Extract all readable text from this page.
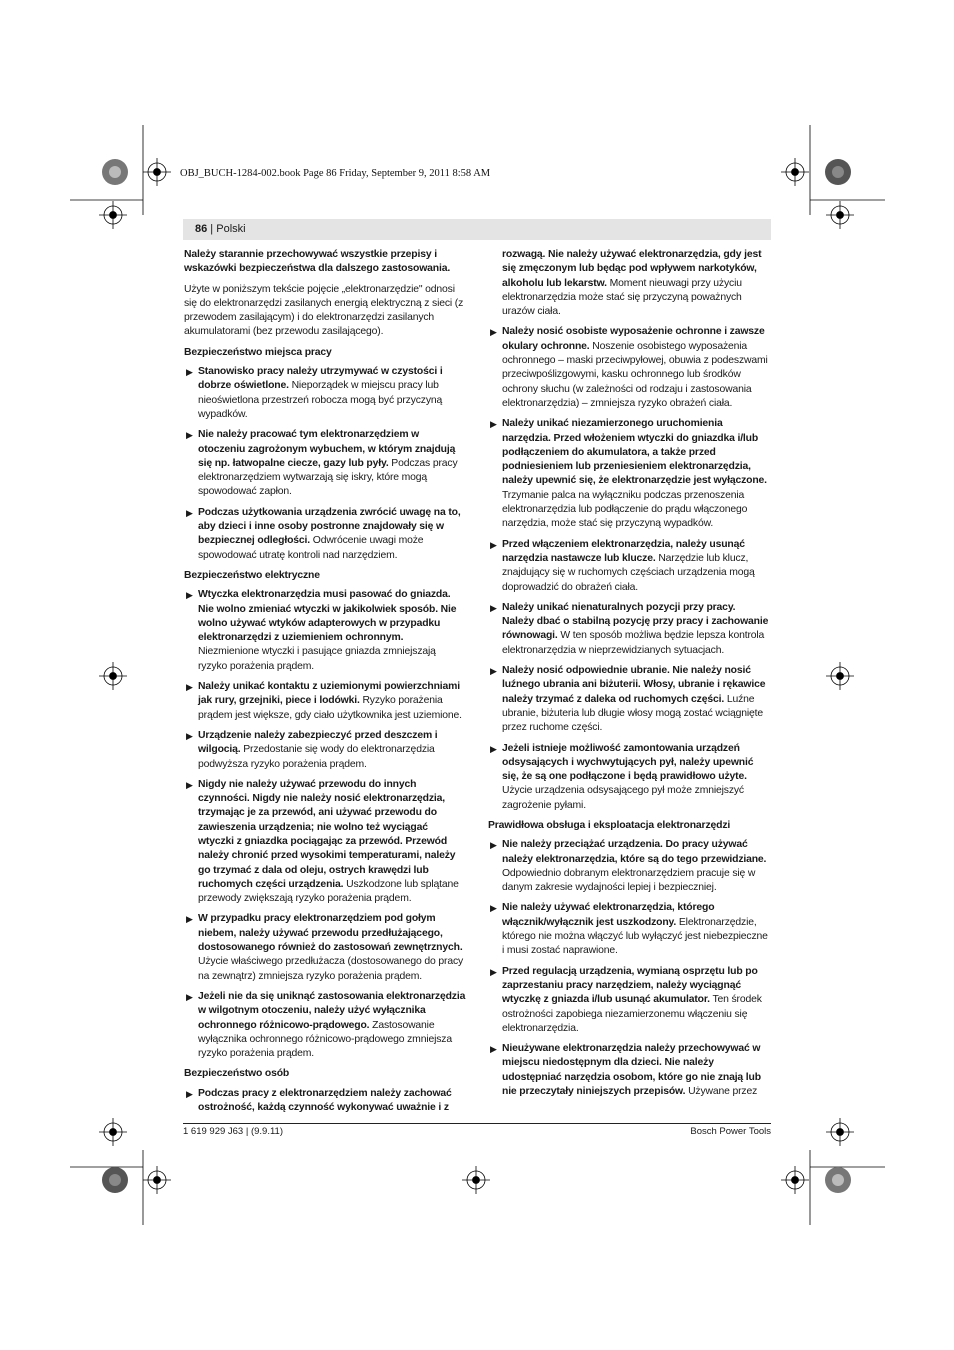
OBJ_BUCH-1284-002.book Page 86 Friday, September 9, 2011 8:58 AM
86 | Polski

Należy starannie przechowywać wszystkie przepisy i wskazówki bezpieczeństwa dla dalszego zastosowania.

Użyte w poniższym tekście pojęcie „elektronarzędzie" odnosi się do elektronarzędzi zasilanych energią elektryczną z sieci (z przewodem zasilającym) i do elektronarzędzi zasilanych akumulatorami (bez przewodu zasilającego).

Bezpieczeństwo miejsca pracy
▶ Stanowisko pracy należy utrzymywać w czystości i dobrze oświetlone. Nieporządek w miejscu pracy lub nieoświetlona przestrzeń robocza mogą być przyczyną wypadków.
▶ Nie należy pracować tym elektronarzędziem w otoczeniu zagrożonym wybuchem, w którym znajdują się np. łatwopalne ciecze, gazy lub pyły. Podczas pracy elektronarzędziem wytwarzają się iskry, które mogą spowodować zapłon.
▶ Podczas użytkowania urządzenia zwrócić uwagę na to, aby dzieci i inne osoby postronne znajdowały się w bezpiecznej odległości. Odwrócenie uwagi może spowodować utratę kontroli nad narzędziem.
Bezpieczeństwo elektryczne
▶ Wtyczka elektronarzędzia musi pasować do gniazda. Nie wolno zmieniać wtyczki w jakikolwiek sposób. Nie wolno używać wtyków adapterowych w przypadku elektronarzędzi z uziemieniem ochronnym. Niezmienione wtyczki i pasujące gniazda zmniejszają ryzyko porażenia prądem.
▶ Należy unikać kontaktu z uziemionymi powierzchniami jak rury, grzejniki, piece i lodówki. Ryzyko porażenia prądem jest większe, gdy ciało użytkownika jest uziemione.
▶ Urządzenie należy zabezpieczyć przed deszczem i wilgocią. Przedostanie się wody do elektronarzędzia podwyższa ryzyko porażenia prądem.
▶ Nigdy nie należy używać przewodu do innych czynności. Nigdy nie należy nosić elektronarzędzia, trzymając je za przewód, ani używać przewodu do zawieszenia urządzenia; nie wolno też wyciągać wtyczki z gniazdka pociągając za przewód. Przewód należy chronić przed wysokimi temperaturami, należy go trzymać z dala od oleju, ostrych krawędzi lub ruchomych części urządzenia. Uszkodzone lub splątane przewody zwiększają ryzyko porażenia prądem.
▶ W przypadku pracy elektronarzędziem pod gołym niebem, należy używać przewodu przedłużającego, dostosowanego również do zastosowań zewnętrznych. Użycie właściwego przedłużacza (dostosowanego do pracy na zewnątrz) zmniejsza ryzyko porażenia prądem.
▶ Jeżeli nie da się uniknąć zastosowania elektronarzędzia w wilgotnym otoczeniu, należy użyć wyłącznika ochronnego różnicowo-prądowego. Zastosowanie wyłącznika ochronnego różnicowo-prądowego zmniejsza ryzyko porażenia prądem.
Bezpieczeństwo osób
▶ Podczas pracy z elektronarzędziem należy zachować ostrożność, każdą czynność wykonywać uważnie i z
rozwagą. Nie należy używać elektronarzędzia, gdy jest się zmęczonym lub będąc pod wpływem narkotyków, alkoholu lub lekarstw. Moment nieuwagi przy użyciu elektronarzędzia może stać się przyczyną poważnych urazów ciała.
▶ Należy nosić osobiste wyposażenie ochronne i zawsze okulary ochronne. Noszenie osobistego wyposażenia ochronnego – maski przeciwpyłowej, obuwia z podeszwami przeciwpoślizgowymi, kasku ochronnego lub środków ochrony słuchu (w zależności od rodzaju i zastosowania elektronarzędzia) – zmniejsza ryzyko obrażeń ciała.
▶ Należy unikać niezamierzonego uruchomienia narzędzia. Przed włożeniem wtyczki do gniazdka i/lub podłączeniem do akumulatora, a także przed podniesieniem lub przeniesieniem elektronarzędzia, należy upewnić się, że elektronarzędzie jest wyłączone. Trzymanie palca na wyłączniku podczas przenoszenia elektronarzędzia lub podłączenie do prądu włączonego narzędzia, może stać się przyczyną wypadków.
▶ Przed włączeniem elektronarzędzia, należy usunąć narzędzia nastawcze lub klucze. Narzędzie lub klucz, znajdujący się w ruchomych częściach urządzenia mogą doprowadzić do obrażeń ciała.
▶ Należy unikać nienaturalnych pozycji przy pracy. Należy dbać o stabilną pozycję przy pracy i zachowanie równowagi. W ten sposób możliwa będzie lepsza kontrola elektronarzędzia w nieprzewidzianych sytuacjach.
▶ Należy nosić odpowiednie ubranie. Nie należy nosić luźnego ubrania ani biżuterii. Włosy, ubranie i rękawice należy trzymać z daleka od ruchomych części. Luźne ubranie, biżuteria lub długie włosy mogą zostać wciągnięte przez ruchome części.
▶ Jeżeli istnieje możliwość zamontowania urządzeń odsysających i wychwytujących pył, należy upewnić się, że są one podłączone i będą prawidłowo użyte. Użycie urządzenia odsysającego pył może zmniejszyć zagrożenie pyłami.
Prawidłowa obsługa i eksploatacja elektronarzędzi
▶ Nie należy przeciążać urządzenia. Do pracy używać należy elektronarzędzia, które są do tego przewidziane. Odpowiednio dobranym elektronarzędziem pracuje się w danym zakresie wydajności lepiej i bezpieczniej.
▶ Nie należy używać elektronarzędzia, którego włącznik/wyłącznik jest uszkodzony. Elektronarzędzie, którego nie można włączyć lub wyłączyć jest niebezpieczne i musi zostać naprawione.
▶ Przed regulacją urządzenia, wymianą osprzętu lub po zaprzestaniu pracy narzędziem, należy wyciągnąć wtyczkę z gniazda i/lub usunąć akumulator. Ten środek ostrożności zapobiega niezamierzonemu włączeniu się elektronarzędzia.
▶ Nieużywane elektronarzędzia należy przechowywać w miejscu niedostępnym dla dzieci. Nie należy udostępniać narzędzia osobom, które go nie znają lub nie przeczytały niniejszych przepisów. Używane przez
1 619 929 J63 | (9.9.11)	Bosch Power Tools
